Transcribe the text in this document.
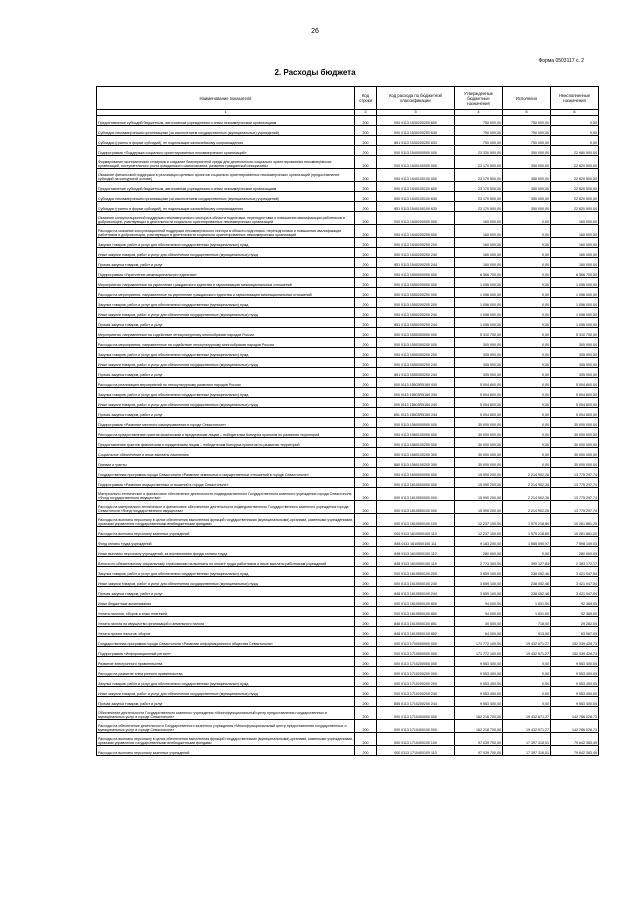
26
Форма 0503117 с. 2
2. Расходы бюджета
Наименование показателя	Код строки	Код расхода по бюджетной классификации	Утвержденные бюджетные назначения	Исполнено	Неисполненные назначения
1	2	3	4	5	6
Предоставление субсидий бюджетным, автономным учреждениям и иным некоммерческим организациям	200	000 0113 1530200200 600	750 000,00	750 000,00	0,00
Субсидии некоммерческим организациям (за исключением государственных (муниципальных) учреждений)	200	000 0113 1530200200 630	750 000,00	750 000,00	0,00
Субсидии (гранты в форме субсидий), не подлежащие казначейскому сопровождению	200	851 0113 1530200200 633	750 000,00	750 000,00	0,00
Подпрограмма «Поддержка социально ориентированных некоммерческих организаций»	200	000 0113 1540000000 000	23 330 500,00	350 000,00	22 980 500,00
Формирование экономических стимулов и создание благоприятной среды для деятельности социально ориентированных некоммерческих организаций, поступательного роста гражданского самосознания, развития гражданской инициативы	200	000 0113 1540100000 000	23 170 500,00	350 000,00	22 820 500,00
Оказание финансовой поддержки в реализации целевых проектов социально ориентированных некоммерческих организаций (предоставление субсидий на конкурсной основе)	200	000 0113 1540100100 000	23 170 500,00	350 000,00	22 820 500,00
Предоставление субсидий бюджетным, автономным учреждениям и иным некоммерческим организациям	200	000 0113 1540100100 600	23 170 500,00	350 000,00	22 820 500,00
Субсидии некоммерческим организациям (за исключением государственных (муниципальных) учреждений)	200	000 0113 1540100100 630	23 170 500,00	350 000,00	22 820 500,00
Субсидии (гранты в форме субсидий), не подлежащие казначейскому сопровождению	200	851 0113 1540100100 633	23 170 500,00	350 000,00	22 820 500,00
Оказание консультационной поддержки некоммерческого сектора в области подготовки, переподготовки и повышения квалификации работников и добровольцев, участвующих в деятельности социально ориентированных некоммерческих организаций	200	000 0113 1540200000 000	160 000,00	0,00	160 000,00
Расходы на оказание консультационной поддержки некоммерческого сектора в области подготовки, переподготовки и повышения квалификации работников и добровольцев, участвующих в деятельности социально ориентированных некоммерческих организаций	200	000 0113 1540200200 000	160 000,00	0,00	160 000,00
Закупка товаров, работ и услуг для обеспечения государственных (муниципальных) нужд	200	000 0113 1540200200 200	160 000,00	0,00	160 000,00
Иные закупки товаров, работ и услуг для обеспечения государственных (муниципальных) нужд	200	000 0113 1540200200 240	160 000,00	0,00	160 000,00
Прочая закупка товаров, работ и услуг	200	851 0113 1540200200 244	160 000,00	0,00	160 000,00
Подпрограмма «Укрепление межнационального единства»	200	000 0113 1550000000 000	6 366 700,00	0,00	6 366 700,00
Мероприятия, направленные на укрепление гражданского единства и гармонизацию межнациональных отношений	200	000 0113 1550200000 000	1 056 000,00	0,00	1 056 000,00
Расходы на мероприятия, направленные на укрепление гражданского единства и гармонизацию межнациональных отношений	200	000 0113 1550200200 000	1 056 000,00	0,00	1 056 000,00
Закупка товаров, работ и услуг для обеспечения государственных (муниципальных) нужд	200	000 0113 1550200200 200	1 056 000,00	0,00	1 056 000,00
Иные закупки товаров, работ и услуг для обеспечения государственных (муниципальных) нужд	200	000 0113 1550200200 240	1 056 000,00	0,00	1 056 000,00
Прочая закупка товаров, работ и услуг	200	851 0113 1550200200 244	1 056 000,00	0,00	1 056 000,00
Мероприятия, направленные на содействие этнокультурному многообразию народов России	200	000 0113 1550300000 000	5 310 700,00	0,00	5 310 700,00
Расходы на мероприятия, направленные на содействие этнокультурному многообразию народов России	200	000 0113 1550300200 000	305 900,00	0,00	305 900,00
Закупка товаров, работ и услуг для обеспечения государственных (муниципальных) нужд	200	000 0113 1550300200 200	305 900,00	0,00	305 900,00
Иные закупки товаров, работ и услуг для обеспечения государственных (муниципальных) нужд	200	000 0113 1550300200 240	305 900,00	0,00	305 900,00
Прочая закупка товаров, работ и услуг	200	851 0113 1550300200 244	305 900,00	0,00	305 900,00
Расходы на реализацию мероприятий по этнокультурному развитию народов России	200	000 0113 15503R5160 000	5 004 800,00	0,00	5 004 800,00
Закупка товаров, работ и услуг для обеспечения государственных (муниципальных) нужд	200	000 0113 15503R5160 200	5 004 800,00	0,00	5 004 800,00
Иные закупки товаров, работ и услуг для обеспечения государственных (муниципальных) нужд	200	000 0113 15503R5160 240	5 004 800,00	0,00	5 004 800,00
Прочая закупка товаров, работ и услуг	200	851 0113 15503R5160 244	5 004 800,00	0,00	5 004 800,00
Подпрограмма «Развитие местного самоуправления в городе Севастополе»	200	000 0113 1560000000 000	30 000 000,00	0,00	30 000 000,00
Расходы на предоставление грантов физическим и юридическим лицам – победителям Конкурса проектов по развитию территорий	200	000 0113 1560100000 000	30 000 000,00	0,00	30 000 000,00
Предоставление грантов физическим и юридическим лицам – победителям Конкурса проектов по развитию территорий	200	000 0113 1560100200 000	30 000 000,00	0,00	30 000 000,00
Социальное обеспечение и иные выплаты населению	200	000 0113 1560100200 300	30 000 000,00	0,00	30 000 000,00
Премии и гранты	200	860 0113 1560100200 350	30 000 000,00	0,00	30 000 000,00
Государственная программа города Севастополя «Развитие земельных и имущественных отношений в городе Севастополе»	200	000 0113 1600000000 000	15 990 200,00	2 214 902,26	13 775 297,74
Подпрограмма «Развитие имущественных отношений в городе Севастополе»	200	000 0113 1610000000 000	15 990 200,00	2 214 902,26	13 775 297,74
Материально-техническое и финансовое обеспечение деятельности подведомственного Государственного казенного учреждения города Севастополя «Фонд государственного имущества»	200	000 0113 1610500000 000	15 990 200,00	2 214 902,26	13 775 297,74
Расходы на материально-техническое и финансовое обеспечение деятельности подведомственного Государственного казенного учреждения города Севастополя «Фонд государственного имущества»	200	000 0113 1610500100 000	15 990 200,00	2 214 902,26	13 775 297,74
Расходы на выплаты персоналу в целях обеспечения выполнения функций государственными (муниципальными) органами, казенными учреждениями, органами управления государственными внебюджетными фондами	200	000 0113 1610500100 100	12 237 100,00	1 975 218,80	10 261 881,20
Расходы на выплаты персоналу казенных учреждений	200	000 0113 1610500100 110	12 237 100,00	1 975 218,80	10 261 881,20
Фонд оплаты труда учреждений	200	848 0113 1610500100 111	9 183 200,00	1 585 090,97	7 598 109,03
Иные выплаты персоналу учреждений, за исключением фонда оплаты труда	200	848 0113 1610500100 112	280 600,00	0,00	280 600,00
Взносы по обязательному социальному страхованию на выплаты по оплате труда работников и иные выплаты работникам учреждений	200	848 0113 1610500100 119	2 773 300,00	390 127,83	2 383 172,17
Закупка товаров, работ и услуг для обеспечения государственных (муниципальных) нужд	200	000 0113 1610500100 200	3 659 100,00	238 052,46	3 421 047,54
Иные закупки товаров, работ и услуг для обеспечения государственных (муниципальных) нужд	200	000 0113 1610500100 240	3 659 100,00	238 052,46	3 421 047,54
Прочая закупка товаров, работ и услуг	200	848 0113 1610500100 244	3 659 100,00	238 052,46	3 421 047,54
Иные бюджетные ассигнования	200	000 0113 1610500100 800	94 000,00	1 631,00	92 369,00
Уплата налогов, сборов и иных платежей	200	000 0113 1610500100 850	94 000,00	1 631,00	92 369,00
Уплата налога на имущество организаций и земельного налога	200	848 0113 1610500100 851	30 000,00	718,00	29 282,00
Уплата прочих налогов, сборов	200	848 0113 1610500100 852	64 000,00	913,00	63 087,00
Государственная программа города Севастополя «Развитие информационного общества Севастополя»	200	000 0113 1700000000 000	171 772 100,00	19 432 671,27	152 339 428,73
Подпрограмма «Информационный регион»	200	000 0113 1710000000 000	171 772 100,00	19 432 671,27	152 339 428,73
Развитие электронного правительства	200	000 0113 1710200000 000	9 553 400,00	0,00	9 553 400,00
Расходы на развитие электронного правительства	200	000 0113 1710200200 000	9 553 400,00	0,00	9 553 400,00
Закупка товаров, работ и услуг для обеспечения государственных (муниципальных) нужд	200	000 0113 1710200200 200	9 553 400,00	0,00	9 553 400,00
Иные закупки товаров, работ и услуг для обеспечения государственных (муниципальных) нужд	200	000 0113 1710200200 240	9 553 400,00	0,00	9 553 400,00
Прочая закупка товаров, работ и услуг	200	855 0113 1710200200 244	9 553 400,00	0,00	9 553 400,00
Обеспечение деятельности Государственного казенного учреждения «Многофункциональный центр предоставления государственных и муниципальных услуг в городе Севастополе»	200	000 0113 1710400000 000	162 218 700,00	19 432 671,27	142 786 028,73
Расходы на обеспечение деятельности Государственного казенного учреждения «Многофункциональный центр предоставления государственных и муниципальных услуг в городе Севастополе»	200	000 0113 1710400100 000	162 218 700,00	19 432 671,27	142 786 028,73
Расходы на выплаты персоналу в целях обеспечения выполнения функций государственными (муниципальными) органами, казенными учреждениями, органами управления государственными внебюджетными фондами	200	000 0113 1710400100 100	97 039 700,00	17 397 316,51	79 642 383,49
Расходы на выплаты персоналу казенных учреждений	200	000 0113 1710400100 110	97 039 700,00	17 397 316,51	79 642 383,49
